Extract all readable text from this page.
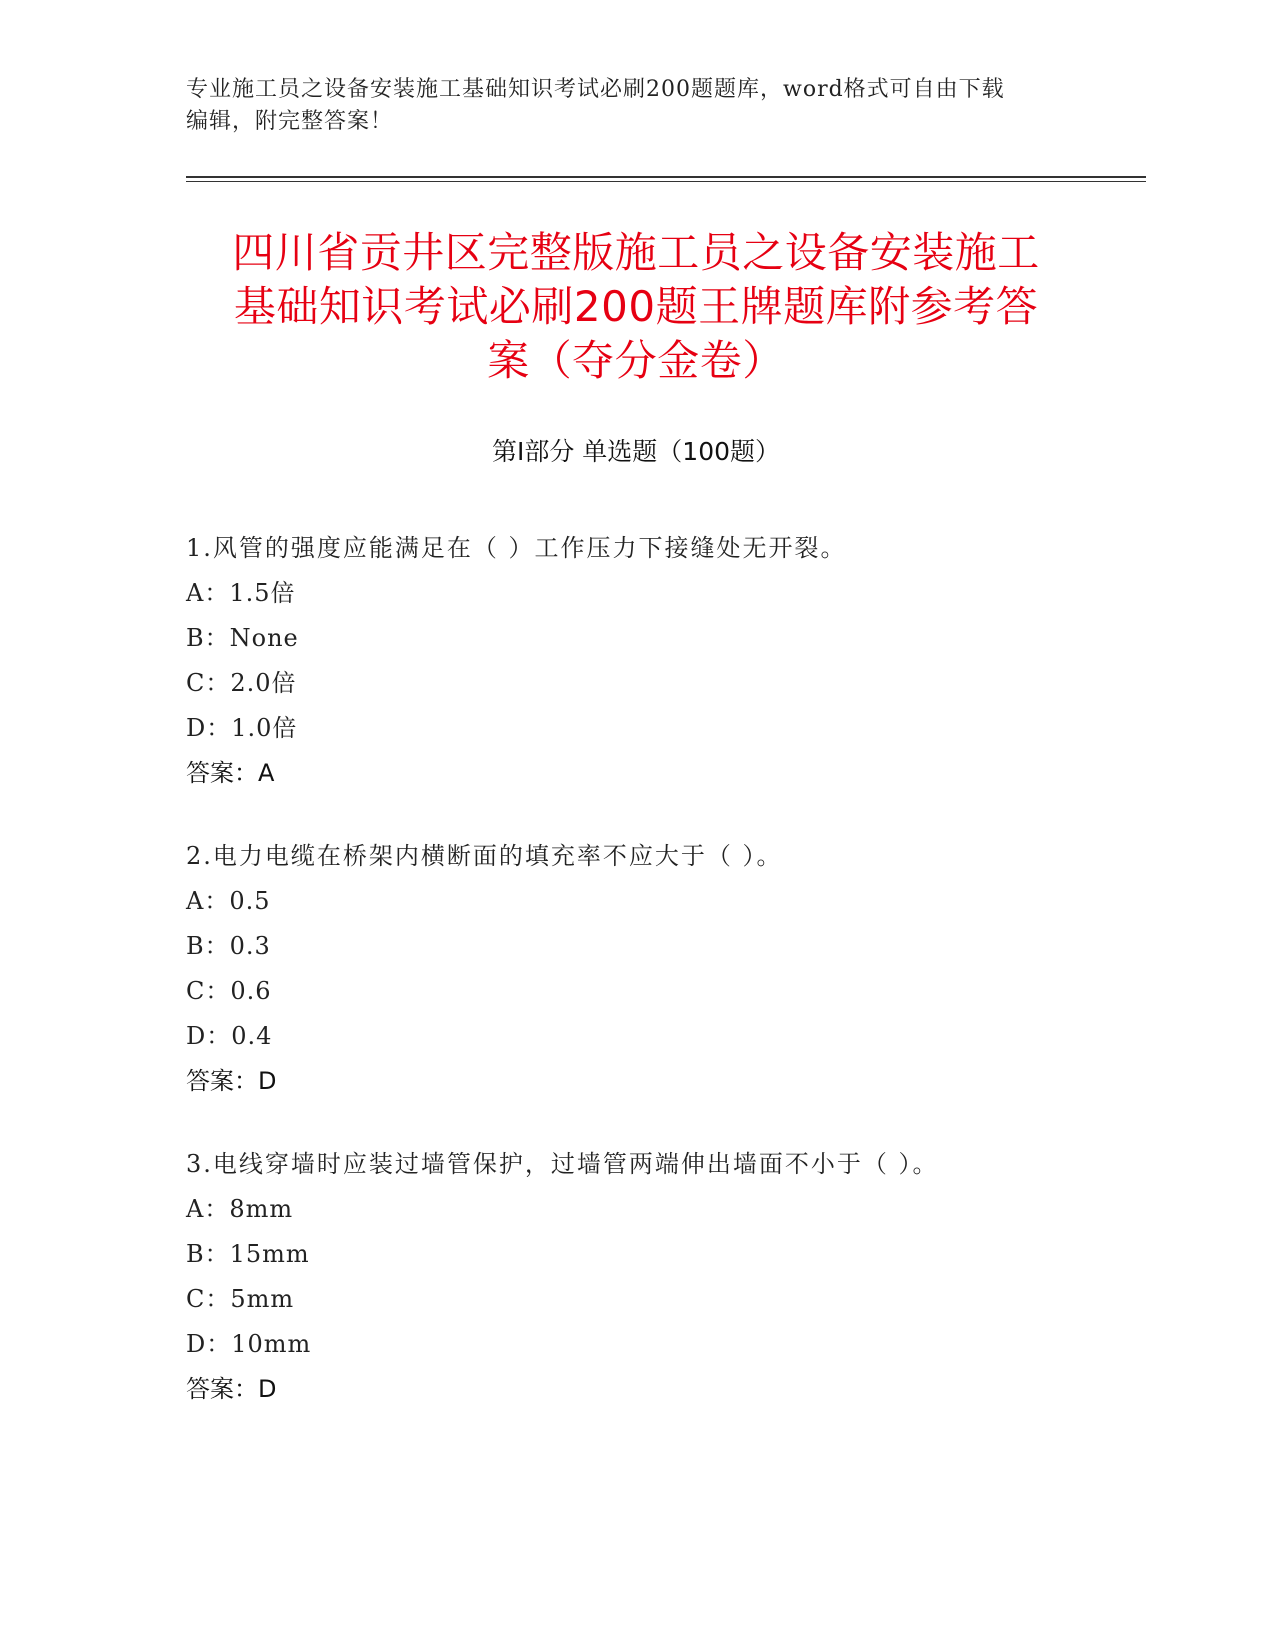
专业施工员之设备安装施工基础知识考试必刷200题题库，word格式可自由下载
编辑，附完整答案！
四川省贡井区完整版施工员之设备安装施工
基础知识考试必刷200题王牌题库附参考答
案（夺分金卷）
第Ⅰ部分 单选题（100题）
1.风管的强度应能满足在（ ）工作压力下接缝处无开裂。
A：1.5倍
B：None
C：2.0倍
D：1.0倍
答案：A
2.电力电缆在桥架内横断面的填充率不应大于（ ）。
A：0.5
B：0.3
C：0.6
D：0.4
答案：D
3.电线穿墙时应装过墙管保护，过墙管两端伸出墙面不小于（ ）。
A：8mm
B：15mm
C：5mm
D：10mm
答案：D
